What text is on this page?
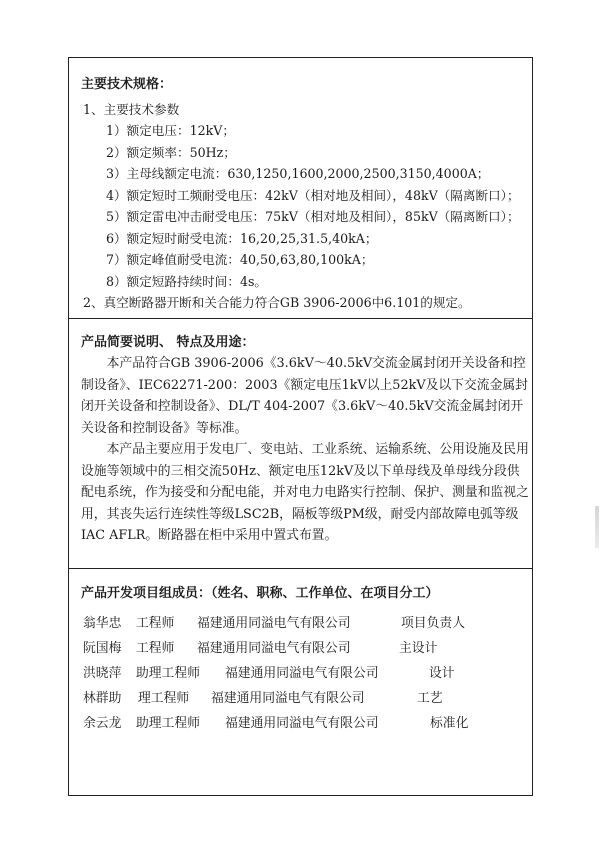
主要技术规格：
1、主要技术参数
1）额定电压：12kV；
2）额定频率：50Hz；
3）主母线额定电流：630,1250,1600,2000,2500,3150,4000A；
4）额定短时工频耐受电压：42kV（相对地及相间），48kV（隔离断口）；
5）额定雷电冲击耐受电压：75kV（相对地及相间），85kV（隔离断口）；
6）额定短时耐受电流：16,20,25,31.5,40kA；
7）额定峰值耐受电流：40,50,63,80,100kA；
8）额定短路持续时间：4s。
2、真空断路器开断和关合能力符合GB 3906-2006中6.101的规定。
产品简要说明、 特点及用途：
本产品符合GB 3906-2006《3.6kV～40.5kV交流金属封闭开关设备和控制设备》、IEC62271-200：2003《额定电压1kV以上52kV及以下交流金属封闭开关设备和控制设备》、DL/T 404-2007《3.6kV～40.5kV交流金属封闭开关设备和控制设备》等标准。
本产品主要应用于发电厂、变电站、工业系统、运输系统、公用设施及民用设施等领域中的三相交流50Hz、额定电压12kV及以下单母线及单母线分段供配电系统，作为接受和分配电能，并对电力电路实行控制、保护、测量和监视之用，其丧失运行连续性等级LSC2B，隔板等级PM级，耐受内部故障电弧等级IAC AFLR。断路器在柜中采用中置式布置。
产品开发项目组成员：（姓名、职称、工作单位、在项目分工）
翁华忠 工程师 福建通用同溢电气有限公司	项目负责人
阮国梅 工程师 福建通用同溢电气有限公司	主设计
洪晓萍 助理工程师 福建通用同溢电气有限公司	设计
林群助 理工程师 福建通用同溢电气有限公司	工艺
余云龙 助理工程师 福建通用同溢电气有限公司	标准化
